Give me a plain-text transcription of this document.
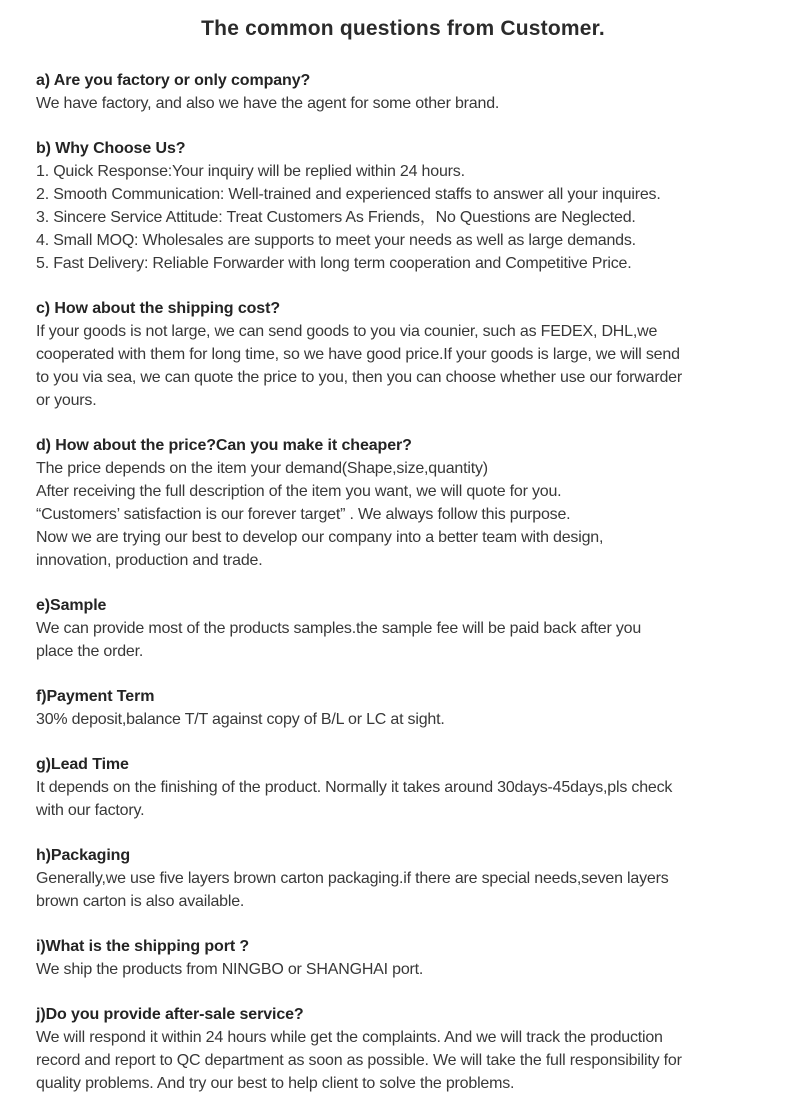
The common questions from Customer.
a) Are you factory or only company?
We have factory, and also we have the agent for some other brand.
b) Why Choose Us?
1. Quick Response:Your inquiry will be replied within 24 hours.
2. Smooth Communication: Well-trained and experienced staffs to answer all your inquires.
3. Sincere Service Attitude: Treat Customers As Friends，No Questions are Neglected.
4. Small MOQ: Wholesales are supports to meet your needs as well as large demands.
5. Fast Delivery: Reliable Forwarder with long term cooperation and Competitive Price.
c) How about the shipping cost?
If your goods is not large, we can send goods to you via counier, such as FEDEX, DHL,we
cooperated with them for long time, so we have good price.If your goods is large, we will send
to you via sea, we can quote the price to you, then you can choose whether use our forwarder
or yours.
d) How about the price?Can you make it cheaper?
The price depends on the item your demand(Shape,size,quantity)
After receiving the full description of the item you want, we will quote for you.
“Customers’ satisfaction is our forever target” . We always follow this purpose.
Now we are trying our best to develop our company into a better team with design,
innovation, production and trade.
e)Sample
We can provide most of the products samples.the sample fee will be paid back after you
place the order.
f)Payment Term
30% deposit,balance T/T against copy of B/L or LC at sight.
g)Lead Time
It depends on the finishing of the product. Normally it takes around 30days-45days,pls check
with our factory.
h)Packaging
Generally,we use five layers brown carton packaging.if there are special needs,seven layers
brown carton is also available.
i)What is the shipping port ?
We ship the products from NINGBO or SHANGHAI port.
j)Do you provide after-sale service?
We will respond it within 24 hours while get the complaints. And we will track the production
record and report to QC department as soon as possible. We will take the full responsibility for
quality problems. And try our best to help client to solve the problems.
